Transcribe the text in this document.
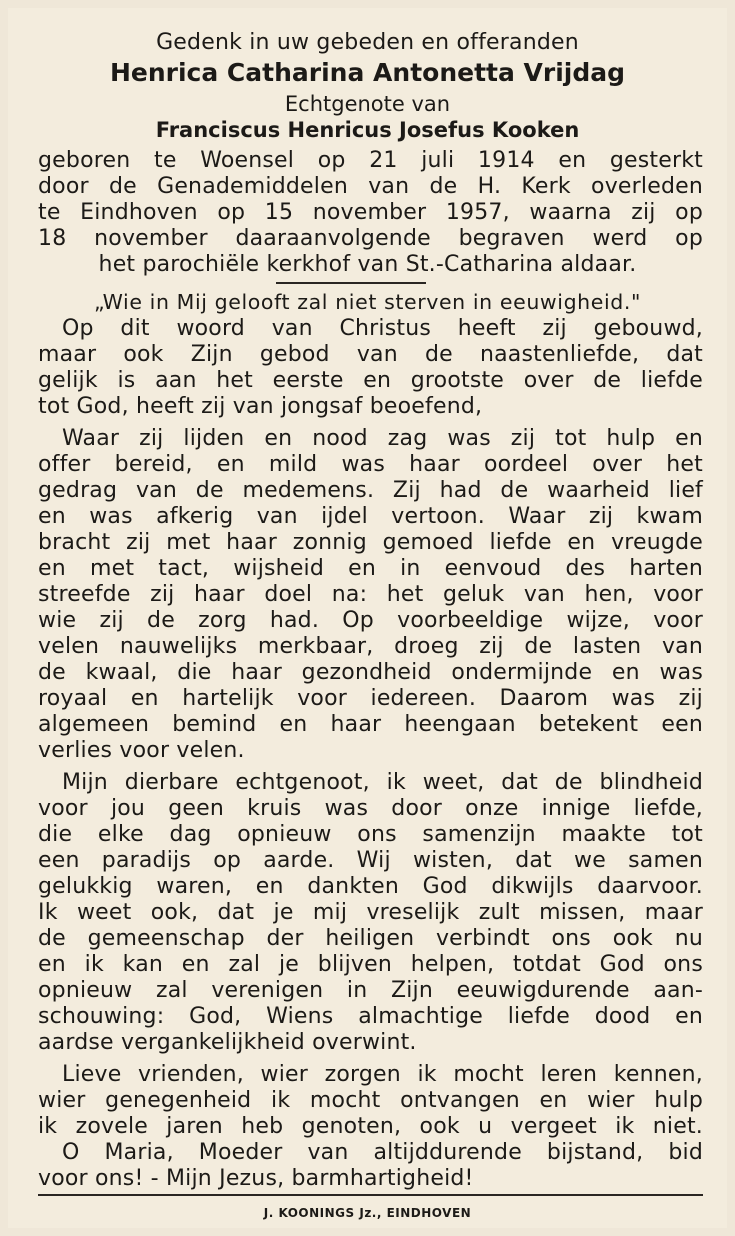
Gedenk in uw gebeden en offeranden

Henrica Catharina Antonetta Vrijdag

Echtgenote van

Franciscus Henricus Josefus Kooken

geboren te Woensel op 21 juli 1914 en gesterkt

door de Genademiddelen van de H. Kerk overleden

te Eindhoven op 15 november 1957, waarna zij op

18 november daaraanvolgende begraven werd op

het parochiële kerkhof van St.-Catharina aldaar.

„Wie in Mij gelooft zal niet sterven in eeuwigheid."

Op dit woord van Christus heeft zij gebouwd,

maar ook Zijn gebod van de naastenliefde, dat

gelijk is aan het eerste en grootste over de liefde

tot God, heeft zij van jongsaf beoefend,

Waar zij lijden en nood zag was zij tot hulp en

offer bereid, en mild was haar oordeel over het

gedrag van de medemens. Zij had de waarheid lief

en was afkerig van ijdel vertoon. Waar zij kwam

bracht zij met haar zonnig gemoed liefde en vreugde

en met tact, wijsheid en in eenvoud des harten

streefde zij haar doel na: het geluk van hen, voor

wie zij de zorg had. Op voorbeeldige wijze, voor

velen nauwelijks merkbaar, droeg zij de lasten van

de kwaal, die haar gezondheid ondermijnde en was

royaal en hartelijk voor iedereen. Daarom was zij

algemeen bemind en haar heengaan betekent een

verlies voor velen.

Mijn dierbare echtgenoot, ik weet, dat de blindheid

voor jou geen kruis was door onze innige liefde,

die elke dag opnieuw ons samenzijn maakte tot

een paradijs op aarde. Wij wisten, dat we samen

gelukkig waren, en dankten God dikwijls daarvoor.

Ik weet ook, dat je mij vreselijk zult missen, maar

de gemeenschap der heiligen verbindt ons ook nu

en ik kan en zal je blijven helpen, totdat God ons

opnieuw zal verenigen in Zijn eeuwigdurende aan-

schouwing: God, Wiens almachtige liefde dood en

aardse vergankelijkheid overwint.

Lieve vrienden, wier zorgen ik mocht leren kennen,

wier genegenheid ik mocht ontvangen en wier hulp

ik zovele jaren heb genoten, ook u vergeet ik niet.

O Maria, Moeder van altijddurende bijstand, bid

voor ons! - Mijn Jezus, barmhartigheid!

J. KOONINGS Jz., EINDHOVEN
